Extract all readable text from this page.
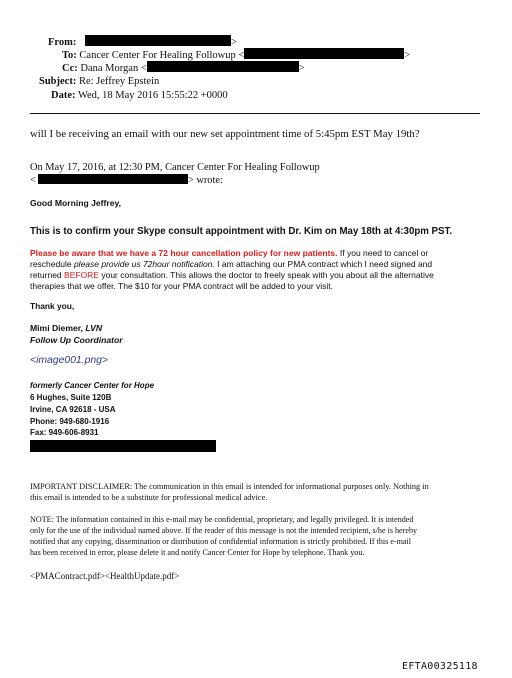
From:	>
To: Cancer Center For Healing Followup <	>
Cc: Dana Morgan <	>
Subject: Re: Jeffrey Epstein
Date: Wed, 18 May 2016 15:55:22 +0000
will I be receiving an email with our new set appointment time of 5:45pm EST May 19th?
On May 17, 2016, at 12:30 PM, Cancer Center For Healing Followup
<	> wrote:
Good Morning Jeffrey,
This is to confirm your Skype consult appointment with Dr. Kim on May 18th at 4:30pm PST.
Please be aware that we have a 72 hour cancellation policy for new patients. If you need to cancel or
reschedule please provide us 72hour notification. I am attaching our PMA contract which I need signed and
returned BEFORE your consultation. This allows the doctor to freely speak with you about all the alternative
therapies that we offer. The $10 for your PMA contract will be added to your visit.
Thank you,
Mimi Diemer, LVN
Follow Up Coordinator
<image001.png>
formerly Cancer Center for Hope
6 Hughes, Suite 120B
Irvine, CA 92618 - USA
Phone: 949-680-1916
Fax: 949-606-8931
IMPORTANT DISCLAIMER: The communication in this email is intended for informational purposes only. Nothing in
this email is intended to be a substitute for professional medical advice.
NOTE: The information contained in this e-mail may be confidential, proprietary, and legally privileged. It is intended
only for the use of the individual named above. If the reader of this message is not the intended recipient, s/he is hereby
notified that any copying, dissemination or distribution of confidential information is strictly prohibited. If this e-mail
has been received in error, please delete it and notify Cancer Center for Hope by telephone. Thank you.
<PMAContract.pdf><HealthUpdate.pdf>
EFTA00325118
